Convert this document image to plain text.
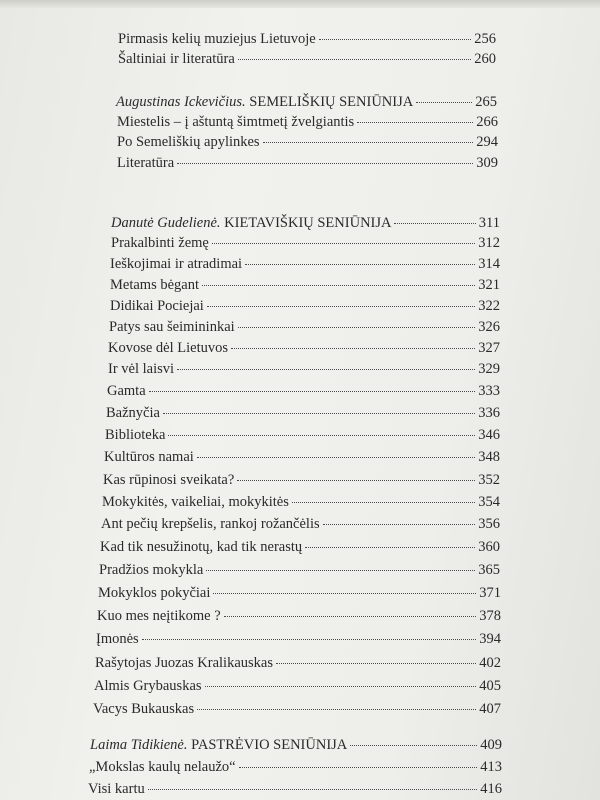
Pirmasis kelių muziejus Lietuvoje	256
Šaltiniai ir literatūra	260
Augustinas Ickevičius. SEMELIŠKIŲ SENIŪNIJA	265
Miestelis – į aštuntą šimtmetį žvelgiantis	266
Po Semeliškių apylinkes	294
Literatūra	309
Danutė Gudelienė. KIETAVIŠKIŲ SENIŪNIJA	311
Prakalbinti žemę	312
Ieškojimai ir atradimai	314
Metams bėgant	321
Didikai Pociejai	322
Patys sau šeimininkai	326
Kovose dėl Lietuvos	327
Ir vėl laisvi	329
Gamta	333
Bažnyčia	336
Biblioteka	346
Kultūros namai	348
Kas rūpinosi sveikata?	352
Mokykitės, vaikeliai, mokykitės	354
Ant pečių krepšelis, rankoj rožančėlis	356
Kad tik nesužinotų, kad tik nerastų	360
Pradžios mokykla	365
Mokyklos pokyčiai	371
Kuo mes neįtikome ?	378
Įmonės	394
Rašytojas Juozas Kralikauskas	402
Almis Grybauskas	405
Vacys Bukauskas	407
Laima Tidikienė. PASTRĖVIO SENIŪNIJA	409
„Mokslas kaulų nelaužo“	413
Visi kartu	416
